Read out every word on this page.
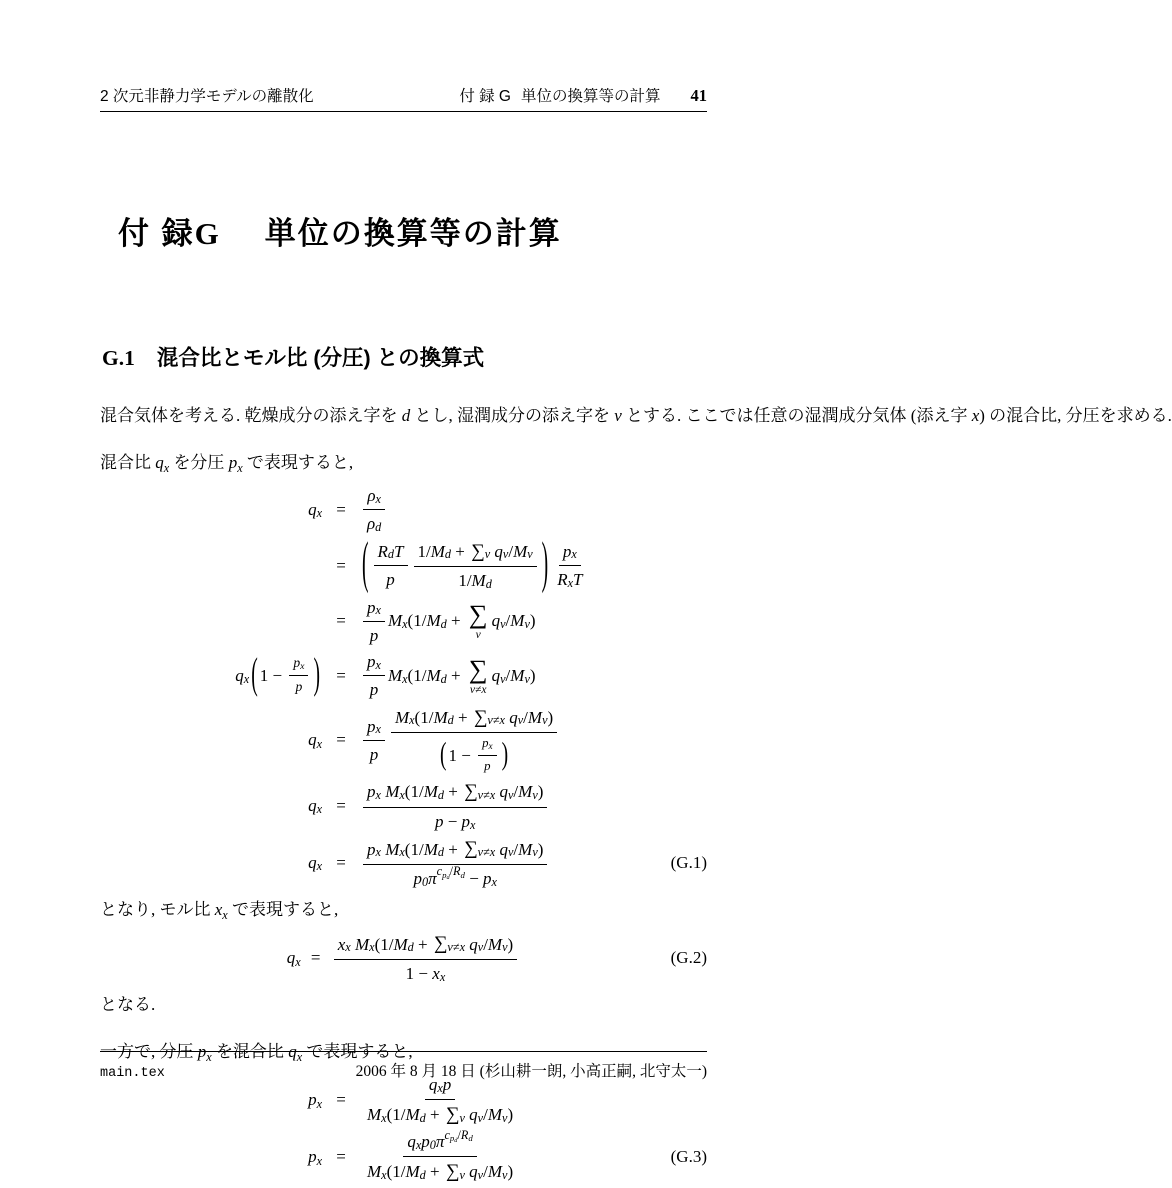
2 次元非静力学モデルの離散化	付 録 G 単位の換算等の計算 41
付 録 G 単位の換算等の計算
G.1 混合比とモル比 (分圧) との換算式

混合気体を考える. 乾燥成分の添え字を d とし, 湿潤成分の添え字を v とする. ここでは任意の湿潤成分気体 (添え字 x) の混合比, 分圧を求める.

混合比 $q_x$ を分圧 $p_x$ で表現すると,

q x =	$\frac{\text{ρ x}}{\text{ρ d}}$
= ( $\frac{\text{R d T}}{p} 1/$ M d + ∑ v
q v / M v
1/ M d ) $\frac{\text{p x}}{\text{R x T}}$
=	$\frac{\text{p x}}{p}$ M x (1/ M d + ∑
v
q v / M v )
q x ( $1 - \frac{\text{p x}}{p}$ ) =	$\frac{\text{p x}}{p}$ M x (1/ M d + ∑
v≠x
q v / M v )
q x =	$\frac{\text{p x}}{p}$ M x (1/ M d + ∑ v≠x
q v / M v )
( $1 - \frac{\text{p x}}{p}$ )
q x =	p x
M x (1/ M d + ∑ v≠x
q v / M v )
p − p x
q x =	p x
M x (1/ M d + ∑ v≠x
q v / M v )
p 0 π cpd/Rd − p x	(G.1)

となり, モル比 $x_x$ で表現すると,

q x = x x
M x (1/ M d + ∑ v≠x
q v / M v )
1 − x x	(G.2)

となる.

一方で, 分圧 $p_x$ を混合比 $q_x$ で表現すると,

p x =	q x p
M x (1/ M d + ∑ v
q v / M v )
p x =	q x p 0 π cpd/Rd
M x (1/ M d + ∑ v
q v / M v )	(G.3)
main.tex	2006 年 8 月 18 日 (杉山耕一朗, 小高正嗣, 北守太一)
